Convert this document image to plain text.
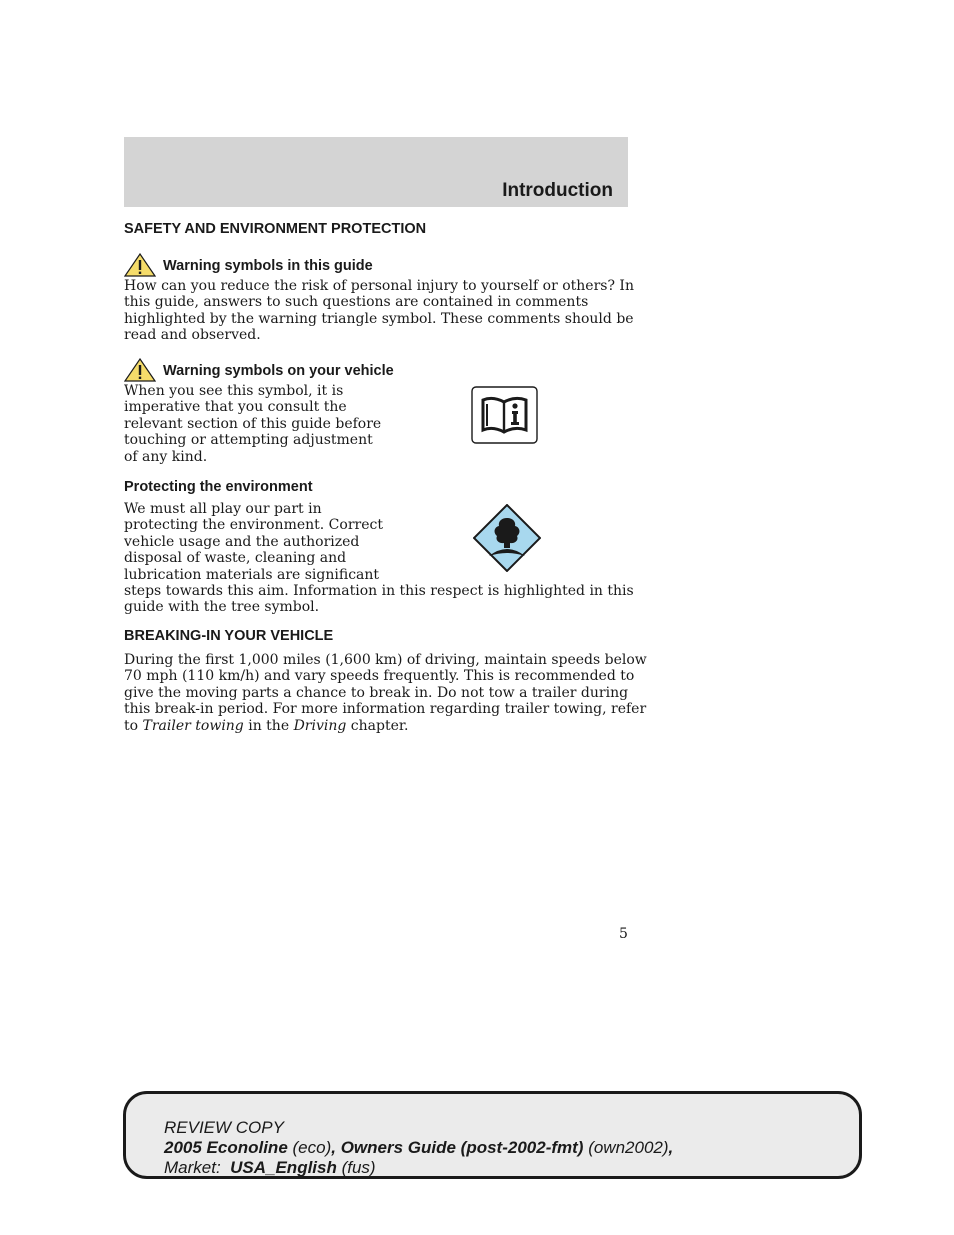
Introduction
SAFETY AND ENVIRONMENT PROTECTION
Warning symbols in this guide
How can you reduce the risk of personal injury to yourself or others? In
this guide, answers to such questions are contained in comments
highlighted by the warning triangle symbol. These comments should be
read and observed.
Warning symbols on your vehicle
When you see this symbol, it is
imperative that you consult the
relevant section of this guide before
touching or attempting adjustment
of any kind.
Protecting the environment
We must all play our part in
protecting the environment. Correct
vehicle usage and the authorized
disposal of waste, cleaning and
lubrication materials are significant
steps towards this aim. Information in this respect is highlighted in this
guide with the tree symbol.
BREAKING-IN YOUR VEHICLE
During the first 1,000 miles (1,600 km) of driving, maintain speeds below
70 mph (110 km/h) and vary speeds frequently. This is recommended to
give the moving parts a chance to break in. Do not tow a trailer during
this break-in period. For more information regarding trailer towing, refer
to Trailer towing in the Driving chapter.
5
REVIEW COPY
2005 Econoline (eco), Owners Guide (post-2002-fmt) (own2002),
Market:  USA_English (fus)
